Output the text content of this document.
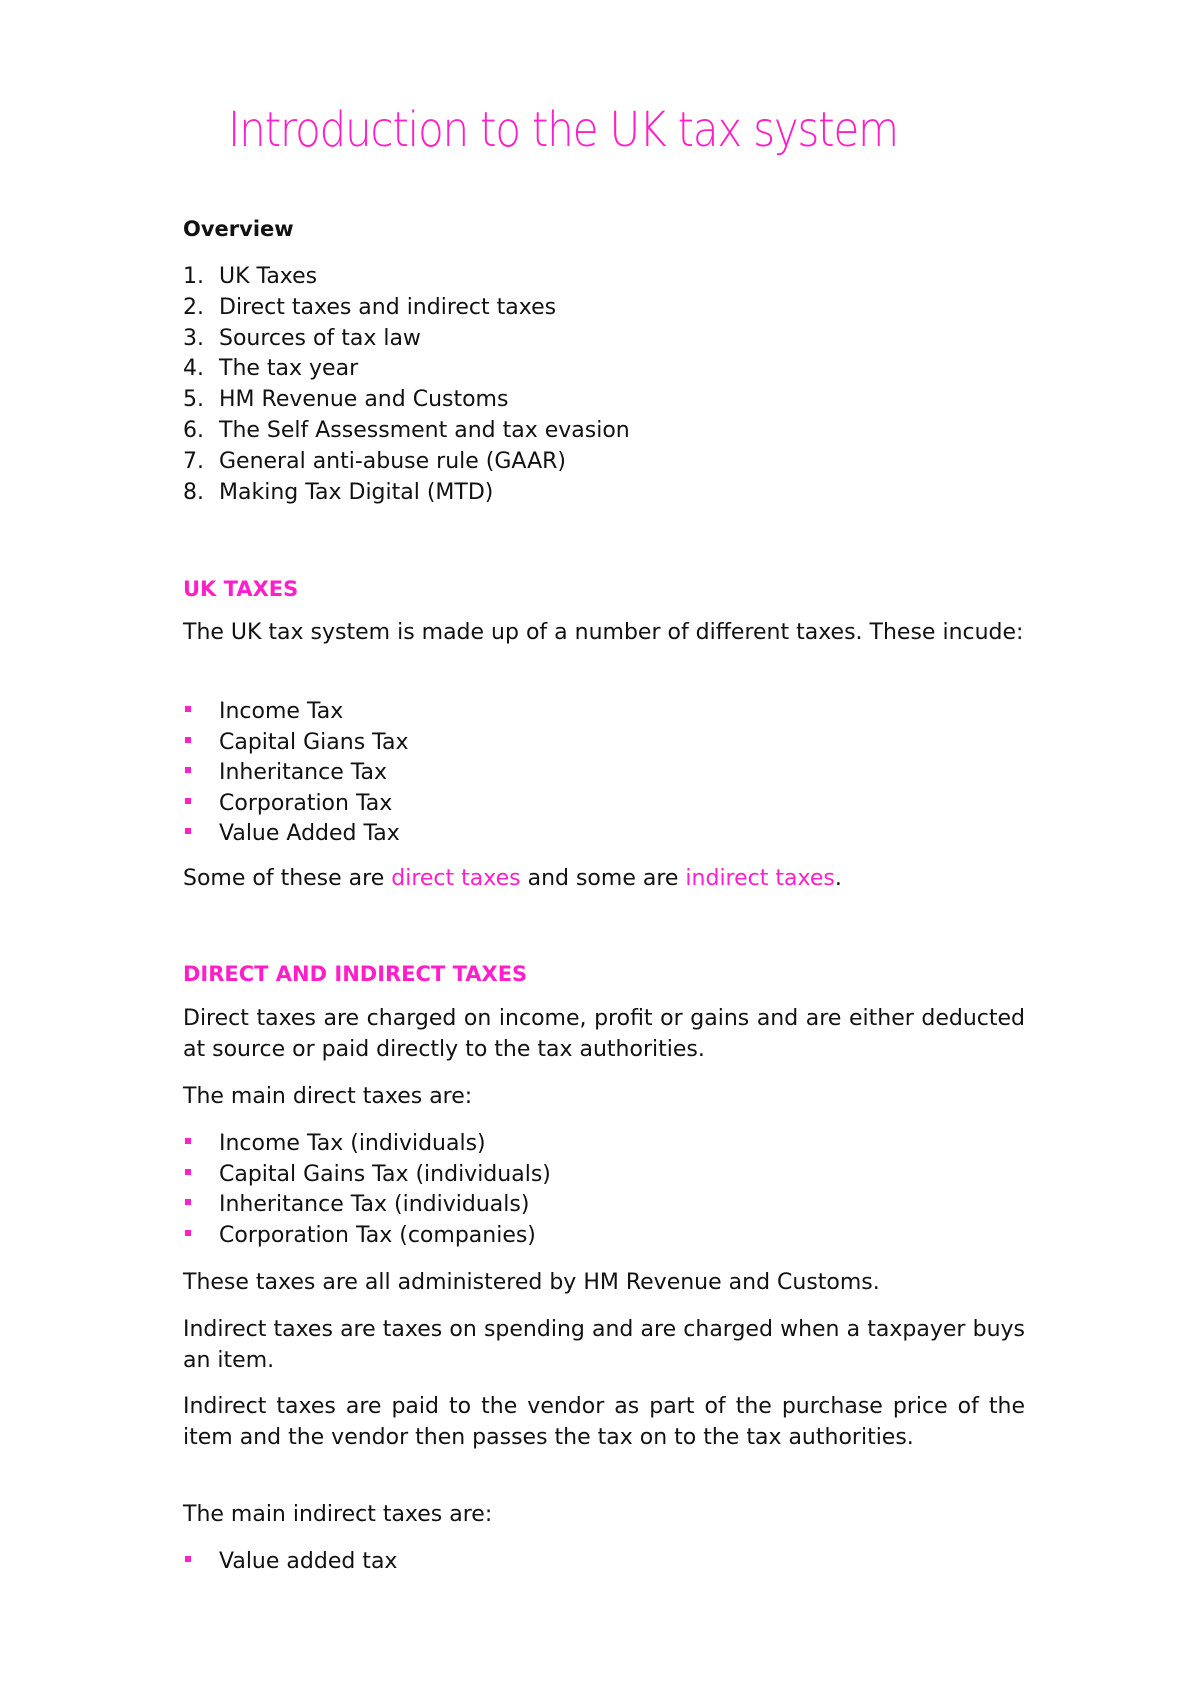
Introduction to the UK tax system
Overview
1. UK Taxes
2. Direct taxes and indirect taxes
3. Sources of tax law
4. The tax year
5. HM Revenue and Customs
6. The Self Assessment and tax evasion
7. General anti-abuse rule (GAAR)
8. Making Tax Digital (MTD)
UK TAXES

The UK tax system is made up of a number of different taxes. These incude:

Income Tax
Capital Gians Tax
Inheritance Tax
Corporation Tax
Value Added Tax

Some of these are direct taxes and some are indirect taxes.

DIRECT AND INDIRECT TAXES

Direct taxes are charged on income, profit or gains and are either deducted at source or paid directly to the tax authorities.

The main direct taxes are:

Income Tax (individuals)
Capital Gains Tax (individuals)
Inheritance Tax (individuals)
Corporation Tax (companies)

These taxes are all administered by HM Revenue and Customs.

Indirect taxes are taxes on spending and are charged when a taxpayer buys an item.

Indirect taxes are paid to the vendor as part of the purchase price of the item and the vendor then passes the tax on to the tax authorities.

The main indirect taxes are:

Value added tax
